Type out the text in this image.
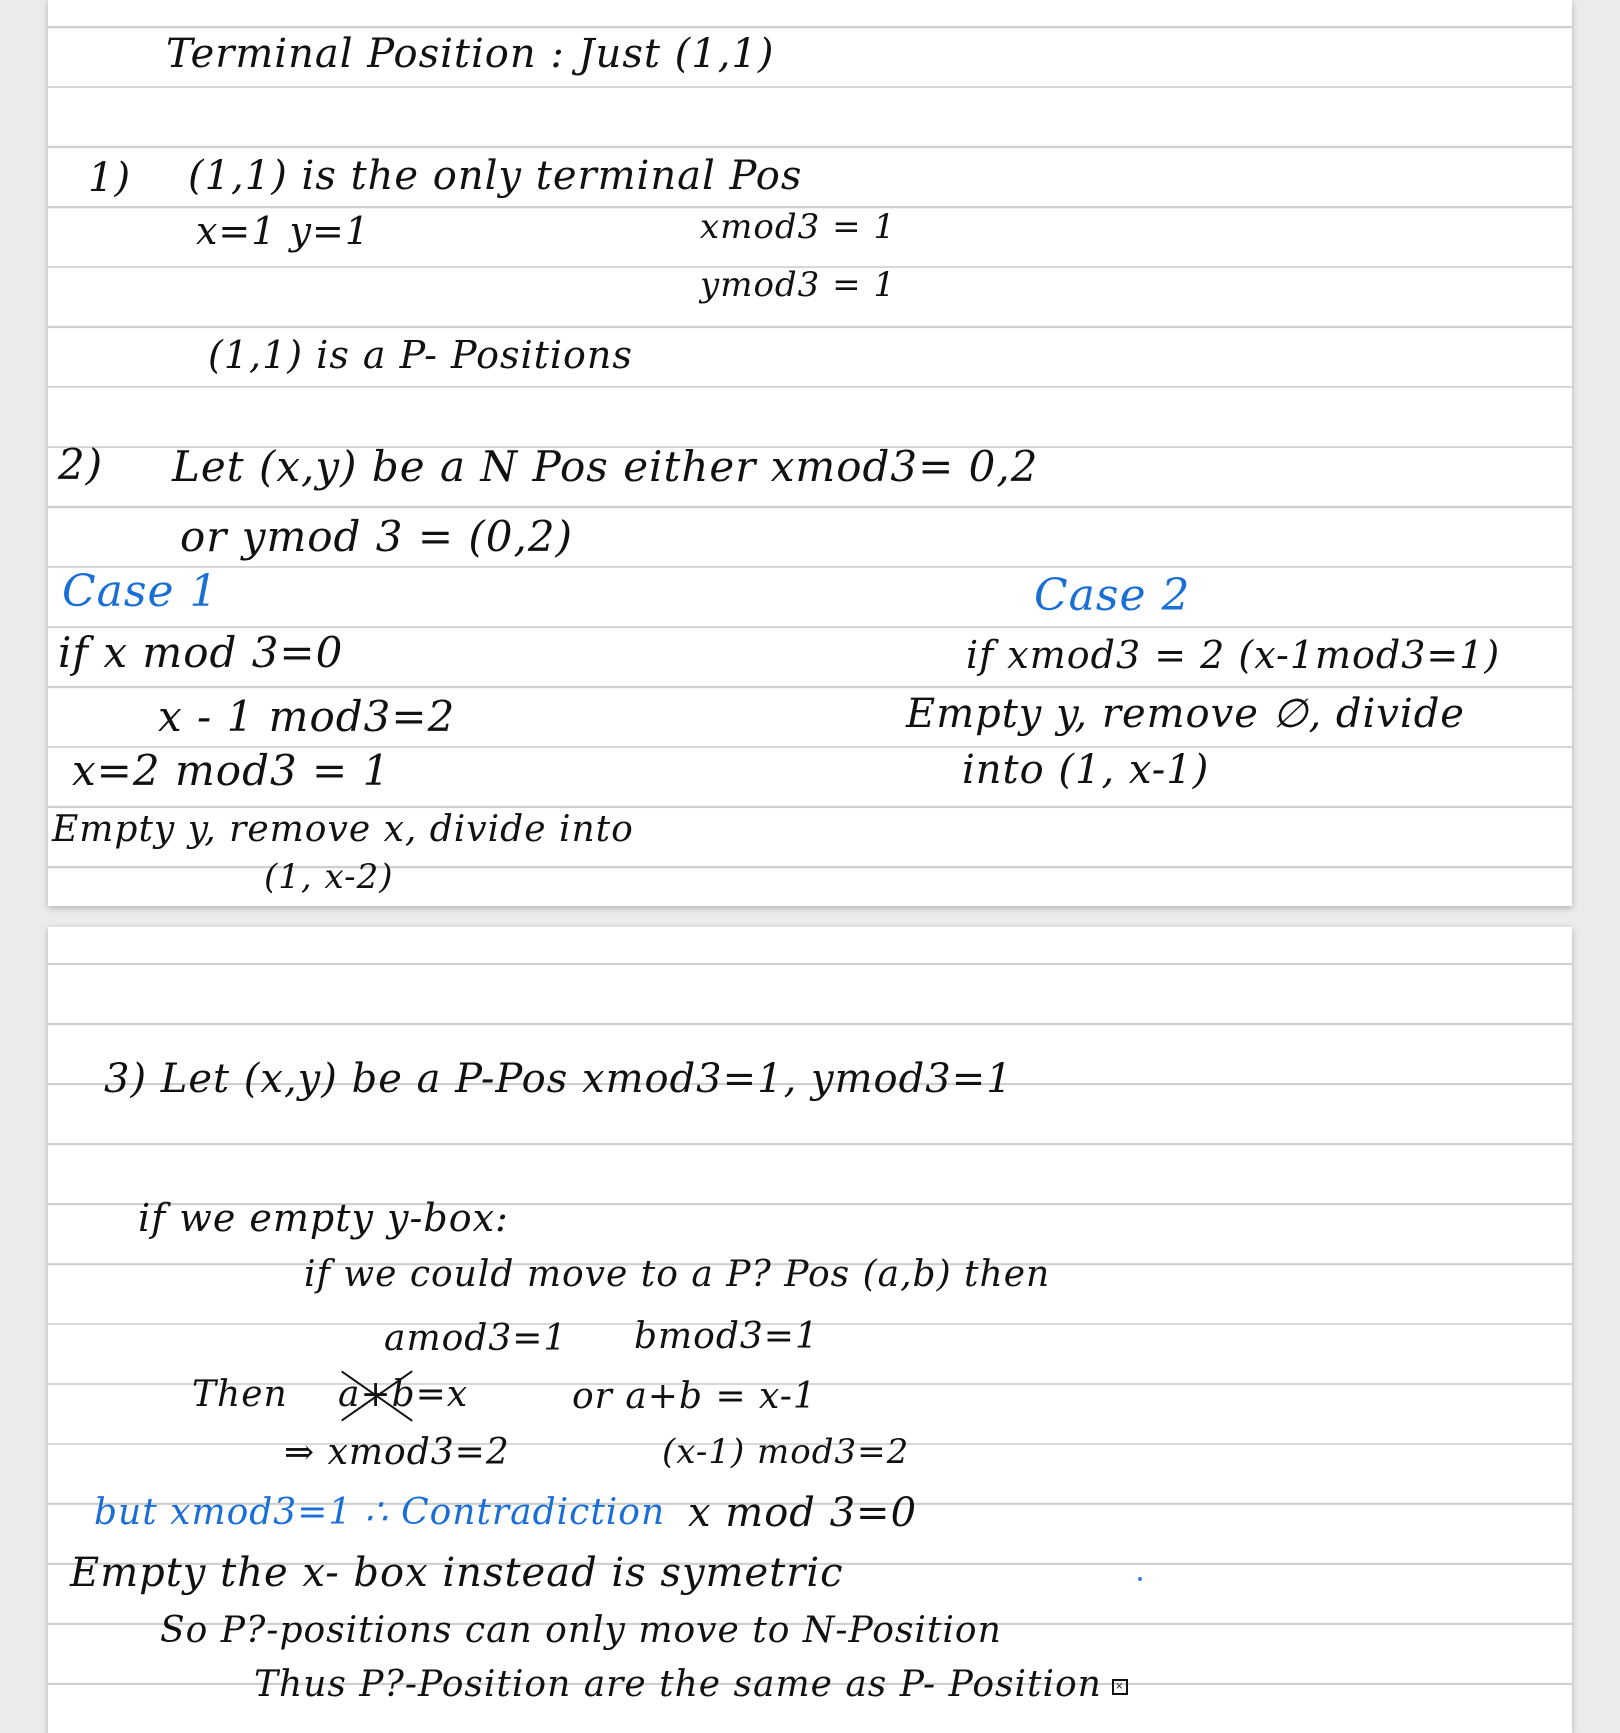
Terminal Position : Just (1,1)
1) (1,1) is the only terminal Pos
x=1 y=1	xmod3 = 1
ymod3 = 1
(1,1) is a P- Positions
2) Let (x,y) be a N Pos either xmod3= 0,2
or ymod 3 = (0,2)
Case 1
if x mod 3=0
x - 1 mod3=2
x=2 mod3 = 1
Empty y, remove x, divide into
(1, x-2)
Case 2
if xmod3 = 2 (x-1mod3=1)
Empty y, remove ∅, divide
into (1, x-1)
3) Let (x,y) be a P-Pos xmod3=1, ymod3=1
if we empty y-box:
if we could move to a P? Pos (a,b) then
amod3=1 bmod3=1
Then a+b=x	or a+b = x-1
⇒ xmod3=2	(x-1) mod3=2
but xmod3=1 ∴ Contradiction x mod 3=0
Empty the x- box instead is symetric
So P?-positions can only move to N-Position
Thus P?-Position are the same as P- Position ×
